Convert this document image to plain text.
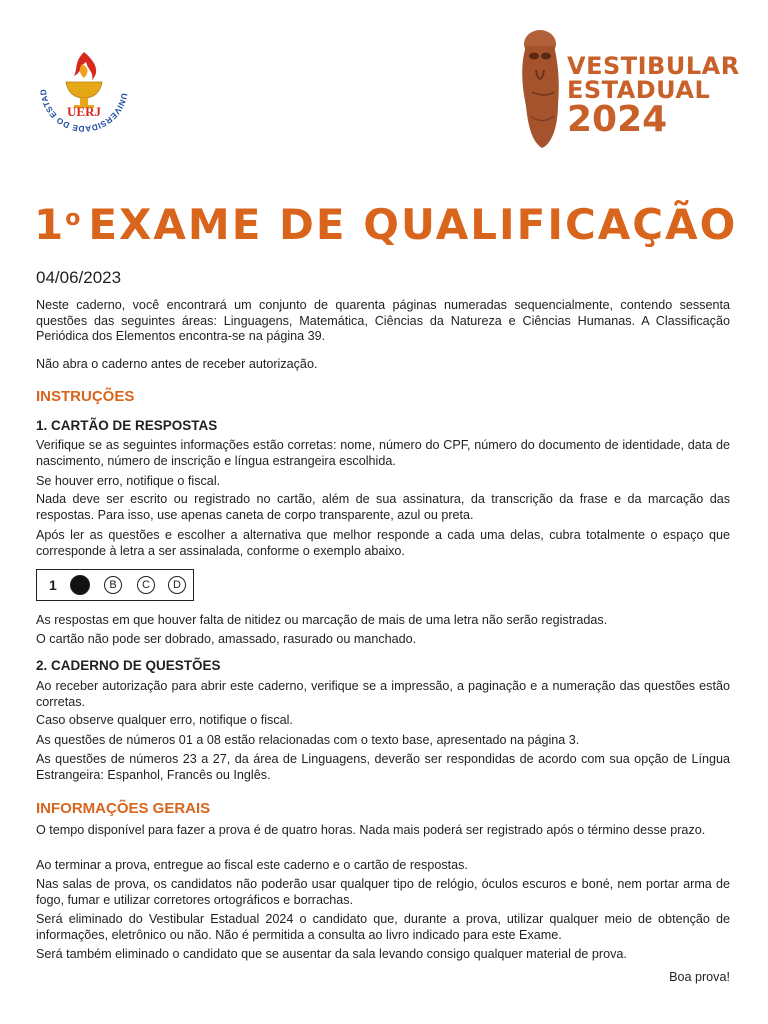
UNIVERSIDADE DO ESTAD
UERJ
VESTIBULAR
ESTADUAL
2024
1$^o$ EXAME DE QUALIFICAÇÃO
04/06/2023
Neste caderno, você encontrará um conjunto de quarenta páginas numeradas sequencialmente, contendo sessenta questões das seguintes áreas: Linguagens, Matemática, Ciências da Natureza e Ciências Humanas. A Classificação Periódica dos Elementos encontra-se na página 39.
Não abra o caderno antes de receber autorização.
INSTRUÇÕES
1. CARTÃO DE RESPOSTAS
Verifique se as seguintes informações estão corretas: nome, número do CPF, número do documento de identidade, data de nascimento, número de inscrição e língua estrangeira escolhida.
Se houver erro, notifique o fiscal.
Nada deve ser escrito ou registrado no cartão, além de sua assinatura, da transcrição da frase e da marcação das respostas. Para isso, use apenas caneta de corpo transparente, azul ou preta.
Após ler as questões e escolher a alternativa que melhor responde a cada uma delas, cubra totalmente o espaço que corresponde à letra a ser assinalada, conforme o exemplo abaixo.
1	B	C	D
As respostas em que houver falta de nitidez ou marcação de mais de uma letra não serão registradas.
O cartão não pode ser dobrado, amassado, rasurado ou manchado.
2. CADERNO DE QUESTÕES
Ao receber autorização para abrir este caderno, verifique se a impressão, a paginação e a numeração das questões estão corretas.
Caso observe qualquer erro, notifique o fiscal.
As questões de números 01 a 08 estão relacionadas com o texto base, apresentado na página 3.
As questões de números 23 a 27, da área de Linguagens, deverão ser respondidas de acordo com sua opção de Língua Estrangeira: Espanhol, Francês ou Inglês.
INFORMAÇÕES GERAIS
O tempo disponível para fazer a prova é de quatro horas. Nada mais poderá ser registrado após o término desse prazo.
Ao terminar a prova, entregue ao fiscal este caderno e o cartão de respostas.
Nas salas de prova, os candidatos não poderão usar qualquer tipo de relógio, óculos escuros e boné, nem portar arma de fogo, fumar e utilizar corretores ortográficos e borrachas.
Será eliminado do Vestibular Estadual 2024 o candidato que, durante a prova, utilizar qualquer meio de obtenção de informações, eletrônico ou não. Não é permitida a consulta ao livro indicado para este Exame.
Será também eliminado o candidato que se ausentar da sala levando consigo qualquer material de prova.
Boa prova!
